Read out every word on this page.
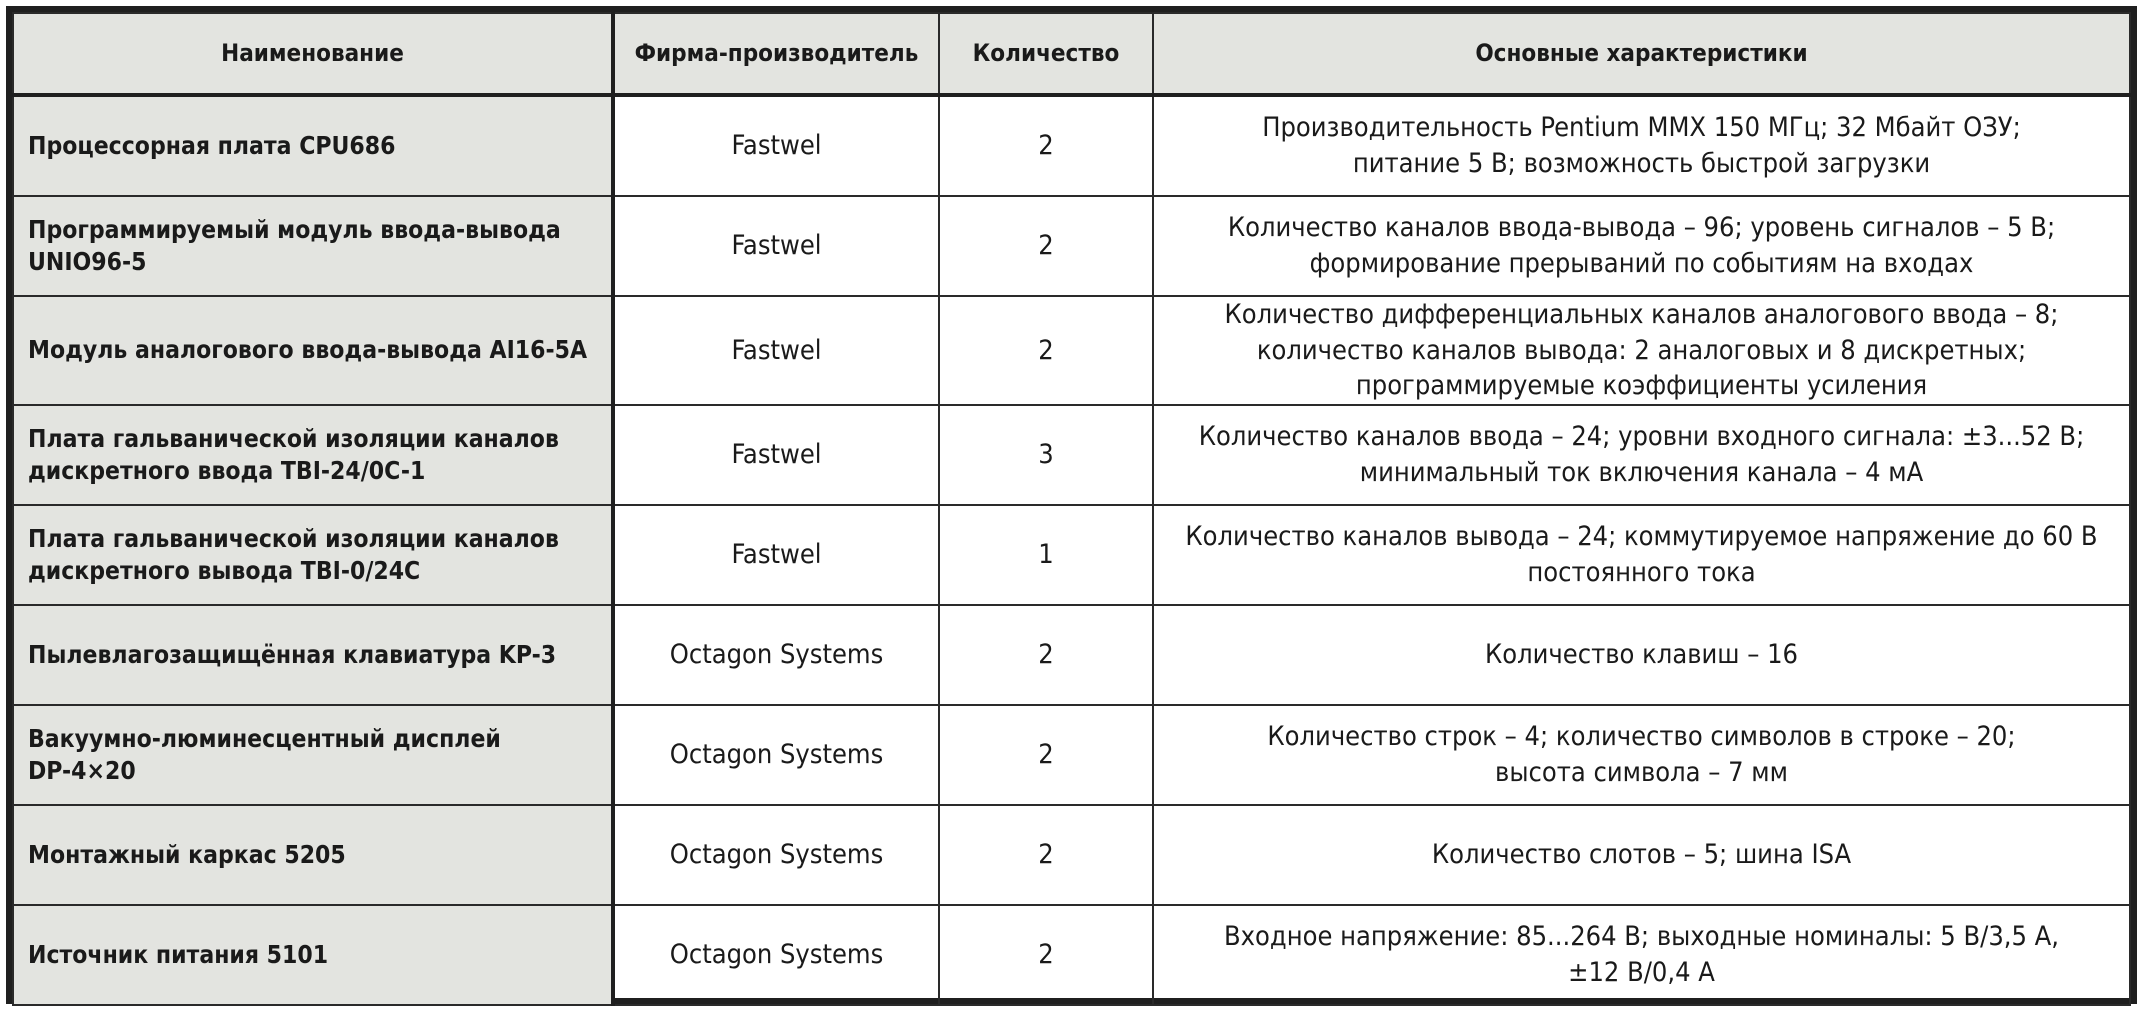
Наименование	Фирма-производитель	Количество	Основные характеристики
Процессорная плата CPU686	Fastwel	2	Производительность Pentium MMX 150 МГц; 32 Мбайт ОЗУ;
питание 5 В; возможность быстрой загрузки
Программируемый модуль ввода-вывода
UNIO96-5	Fastwel	2	Количество каналов ввода-вывода – 96; уровень сигналов – 5 В;
формирование прерываний по событиям на входах
Модуль аналогового ввода-вывода AI16-5A	Fastwel	2	Количество дифференциальных каналов аналогового ввода – 8;
количество каналов вывода: 2 аналоговых и 8 дискретных;
программируемые коэффициенты усиления
Плата гальванической изоляции каналов
дискретного ввода TBI-24/0C-1	Fastwel	3	Количество каналов ввода – 24; уровни входного сигнала: ±3...52 В;
минимальный ток включения канала – 4 мА
Плата гальванической изоляции каналов
дискретного вывода TBI-0/24C	Fastwel	1	Количество каналов вывода – 24; коммутируемое напряжение до 60 В
постоянного тока
Пылевлагозащищённая клавиатура KP-3	Octagon Systems	2	Количество клавиш – 16
Вакуумно-люминесцентный дисплей
DP-4×20	Octagon Systems	2	Количество строк – 4; количество символов в строке – 20;
высота символа – 7 мм
Монтажный каркас 5205	Octagon Systems	2	Количество слотов – 5; шина ISA
Источник питания 5101	Octagon Systems	2	Входное напряжение: 85...264 В; выходные номиналы: 5 В/3,5 А,
±12 В/0,4 А
